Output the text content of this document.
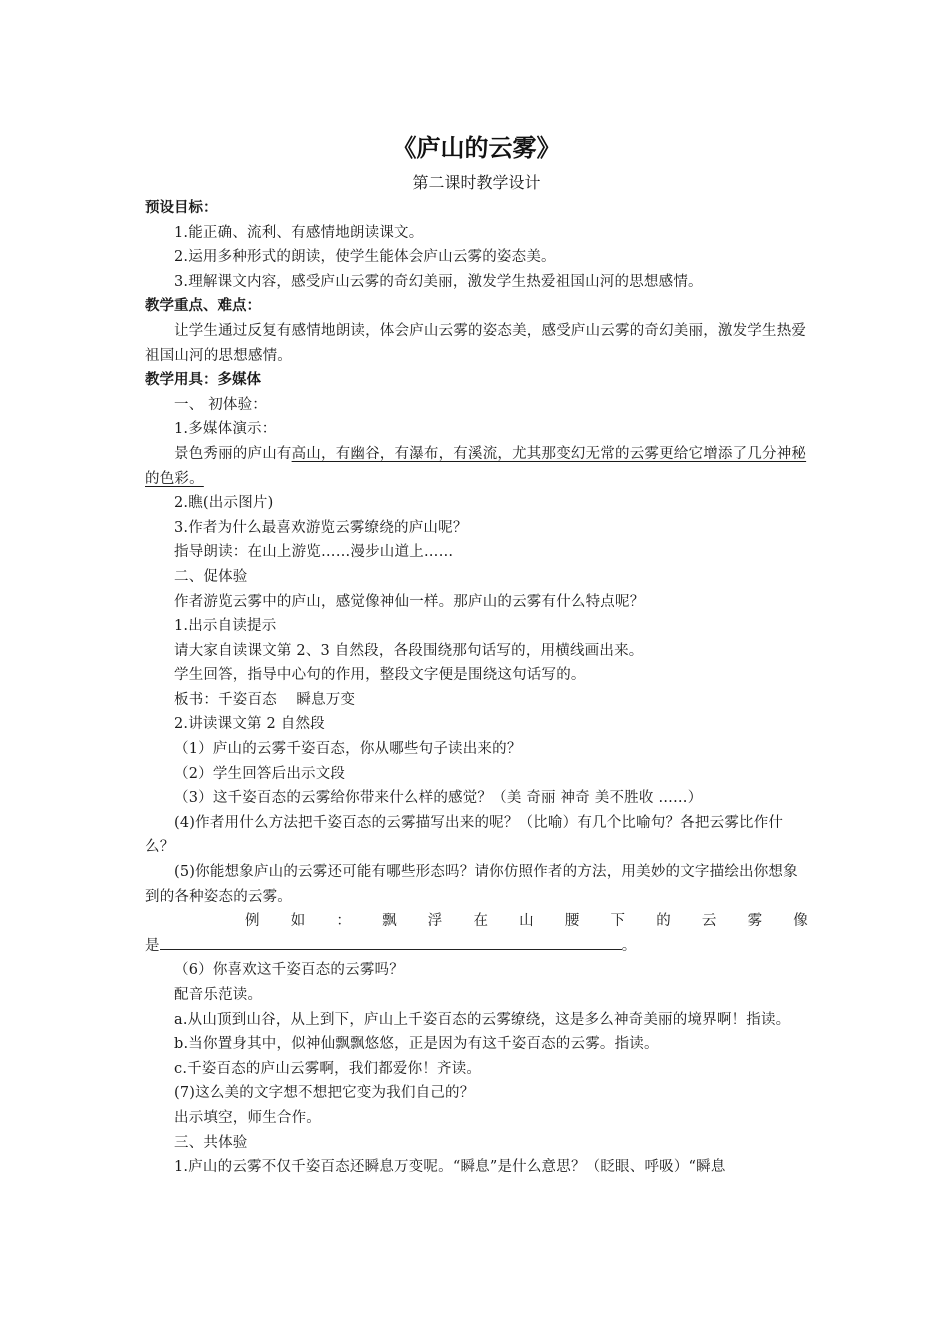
《庐山的云雾》

第二课时教学设计

预设目标：

1.能正确、流利、有感情地朗读课文。

2.运用多种形式的朗读，使学生能体会庐山云雾的姿态美。

3.理解课文内容，感受庐山云雾的奇幻美丽，激发学生热爱祖国山河的思想感情。

教学重点、难点：

让学生通过反复有感情地朗读，体会庐山云雾的姿态美，感受庐山云雾的奇幻美丽，激发学生热爱祖国山河的思想感情。

教学用具：多媒体

一、 初体验：

1.多媒体演示：

景色秀丽的庐山有高山，有幽谷，有瀑布，有溪流，尤其那变幻无常的云雾更给它增添了几分神秘的色彩。

2.瞧(出示图片)

3.作者为什么最喜欢游览云雾缭绕的庐山呢？

指导朗读：在山上游览……漫步山道上……

二、促体验

作者游览云雾中的庐山，感觉像神仙一样。那庐山的云雾有什么特点呢？

1.出示自读提示

请大家自读课文第 2、3 自然段，各段围绕那句话写的，用横线画出来。

学生回答，指导中心句的作用，整段文字便是围绕这句话写的。

板书：千姿百态　 瞬息万变

2.讲读课文第 2 自然段

（1）庐山的云雾千姿百态，你从哪些句子读出来的？

（2）学生回答后出示文段

（3）这千姿百态的云雾给你带来什么样的感觉？（美 奇丽 神奇 美不胜收 ……）

(4)作者用什么方法把千姿百态的云雾描写出来的呢？（比喻）有几个比喻句？各把云雾比作什么？

(5)你能想象庐山的云雾还可能有哪些形态吗？请你仿照作者的方法，用美妙的文字描绘出你想象到的各种姿态的云雾。

例 如 ： 飘 浮 在 山 腰 下 的 云 雾 像

是	。

（6）你喜欢这千姿百态的云雾吗？

配音乐范读。

a.从山顶到山谷，从上到下，庐山上千姿百态的云雾缭绕，这是多么神奇美丽的境界啊！指读。

b.当你置身其中，似神仙飘飘悠悠，正是因为有这千姿百态的云雾。指读。

c.千姿百态的庐山云雾啊，我们都爱你！齐读。

(7)这么美的文字想不想把它变为我们自己的？

出示填空，师生合作。

三、共体验

1.庐山的云雾不仅千姿百态还瞬息万变呢。“瞬息”是什么意思？（眨眼、呼吸）“瞬息
